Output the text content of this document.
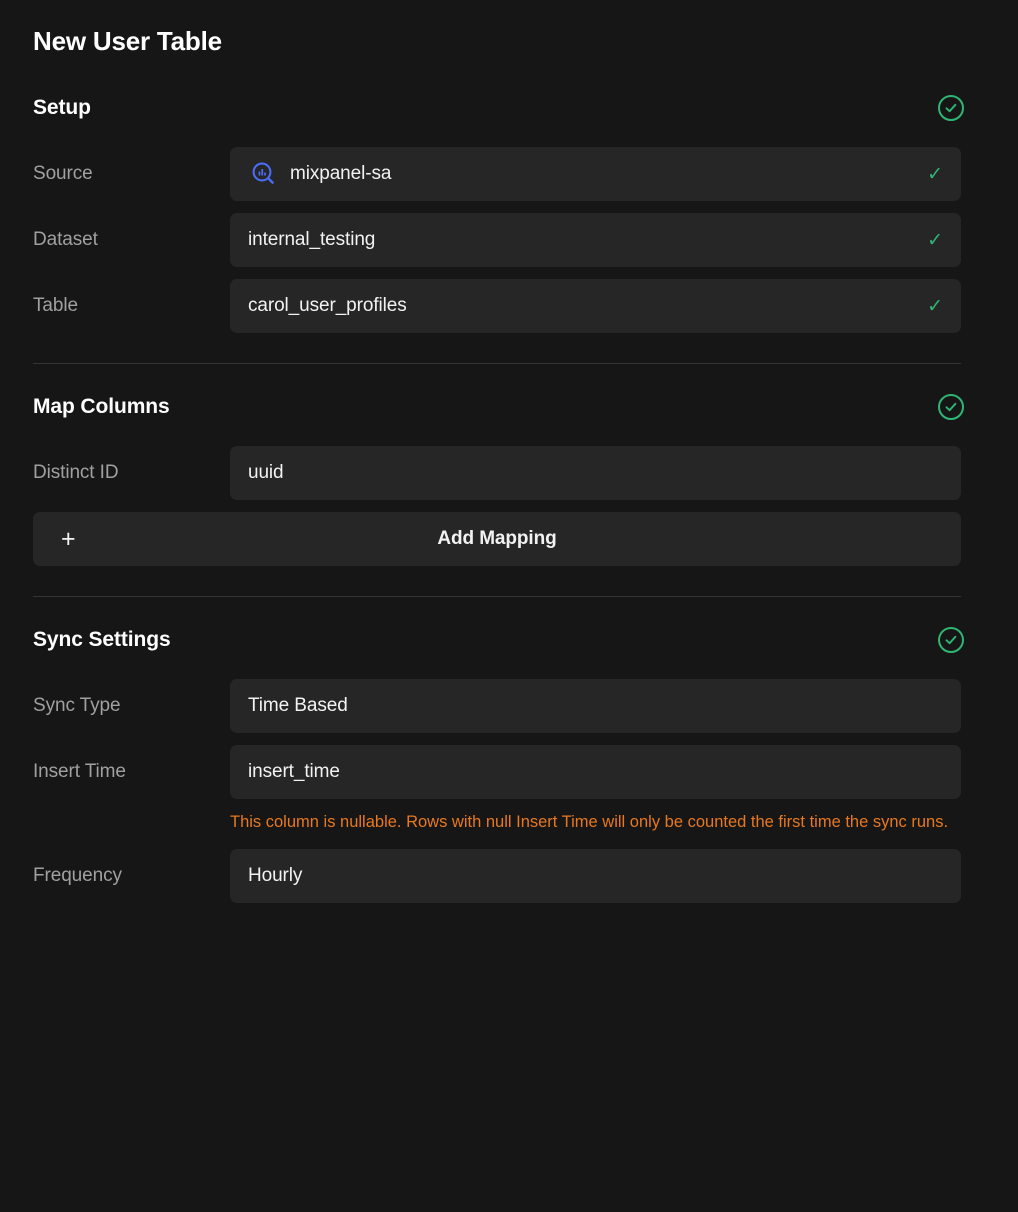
New User Table
Setup
Source	mixpanel-sa	✓
Dataset	internal_testing	✓
Table	carol_user_profiles	✓
Map Columns
Distinct ID	uuid
+	Add Mapping
Sync Settings
Sync Type	Time Based
Insert Time	insert_time
This column is nullable. Rows with null Insert Time will only be counted the first time the sync runs.
Frequency	Hourly
